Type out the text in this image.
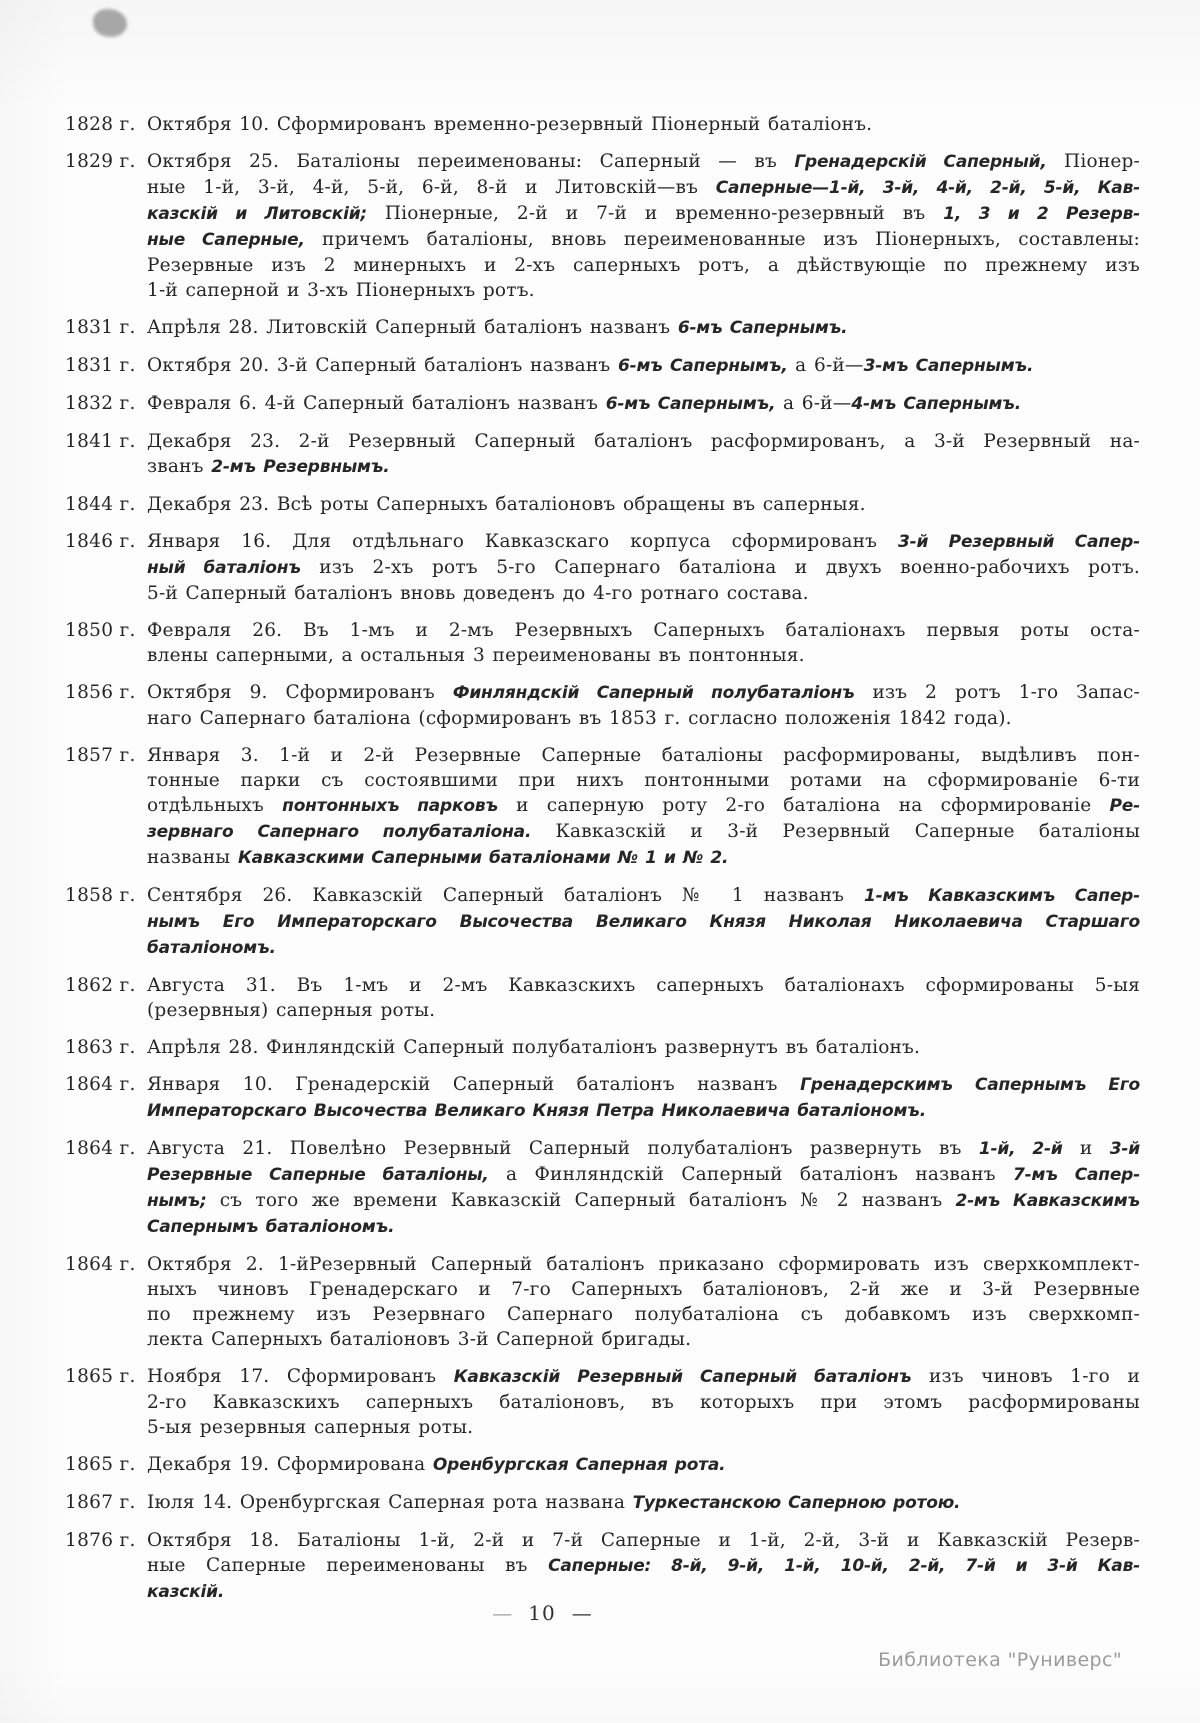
1828 г. Октября 10. Сформированъ временно-резервный Піонерный баталіонъ.
1829 г. Октября 25. Баталіоны переименованы: Саперный — въ Гренадерскій Саперный, Піонер-
ные 1-й, 3-й, 4-й, 5-й, 6-й, 8-й и Литовскій—въ Саперные—1-й, 3-й, 4-й, 2-й, 5-й, Кав-
казскій и Литовскій; Піонерные, 2-й и 7-й и временно-резервный въ 1, 3 и 2 Резерв-
ные Саперные, причемъ баталіоны, вновь переименованные изъ Піонерныхъ, составлены:
Резервные изъ 2 минерныхъ и 2-хъ саперныхъ ротъ, а дѣйствующіе по прежнему изъ
1-й саперной и 3-хъ Піонерныхъ ротъ.
1831 г. Апрѣля 28. Литовскій Саперный баталіонъ названъ 6-мъ Сапернымъ.
1831 г. Октября 20. 3-й Саперный баталіонъ названъ 6-мъ Сапернымъ, а 6-й—3-мъ Сапернымъ.
1832 г. Февраля 6. 4-й Саперный баталіонъ названъ 6-мъ Сапернымъ, а 6-й—4-мъ Сапернымъ.
1841 г. Декабря 23. 2-й Резервный Саперный баталіонъ расформированъ, а 3-й Резервный на-
званъ 2-мъ Резервнымъ.
1844 г. Декабря 23. Всѣ роты Саперныхъ баталіоновъ обращены въ саперныя.
1846 г. Января 16. Для отдѣльнаго Кавказскаго корпуса сформированъ 3-й Резервный Сапер-
ный баталіонъ изъ 2-хъ ротъ 5-го Сапернаго баталіона и двухъ военно-рабочихъ ротъ.
5-й Саперный баталіонъ вновь доведенъ до 4-го ротнаго состава.
1850 г. Февраля 26. Въ 1-мъ и 2-мъ Резервныхъ Саперныхъ баталіонахъ первыя роты оста-
влены саперными, а остальныя 3 переименованы въ понтонныя.
1856 г. Октября 9. Сформированъ Финляндскій Саперный полубаталіонъ изъ 2 ротъ 1-го Запас-
наго Сапернаго баталіона (сформированъ въ 1853 г. согласно положенія 1842 года).
1857 г. Января 3. 1-й и 2-й Резервные Саперные баталіоны расформированы, выдѣливъ пон-
тонные парки съ состоявшими при нихъ понтонными ротами на сформированіе 6-ти
отдѣльныхъ понтонныхъ парковъ и саперную роту 2-го баталіона на сформированіе Ре-
зервнаго Сапернаго полубаталіона. Кавказскій и 3-й Резервный Саперные баталіоны
названы Кавказскими Саперными баталіонами № 1 и № 2.
1858 г. Сентября 26. Кавказскій Саперный баталіонъ № 1 названъ 1-мъ Кавказскимъ Сапер-
нымъ Его Императорскаго Высочества Великаго Князя Николая Николаевича Старшаго
баталіономъ.
1862 г. Августа 31. Въ 1-мъ и 2-мъ Кавказскихъ саперныхъ баталіонахъ сформированы 5-ыя
(резервныя) саперныя роты.
1863 г. Апрѣля 28. Финляндскій Саперный полубаталіонъ развернутъ въ баталіонъ.
1864 г. Января 10. Гренадерскій Саперный баталіонъ названъ Гренадерскимъ Сапернымъ Его
Императорскаго Высочества Великаго Князя Петра Николаевича баталіономъ.
1864 г. Августа 21. Повелѣно Резервный Саперный полубаталіонъ развернуть въ 1-й, 2-й и 3-й
Резервные Саперные баталіоны, а Финляндскій Саперный баталіонъ названъ 7-мъ Сапер-
нымъ; съ того же времени Кавказскій Саперный баталіонъ № 2 названъ 2-мъ Кавказскимъ
Сапернымъ баталіономъ.
1864 г. Октября 2. 1-йРезервный Саперный баталіонъ приказано сформировать изъ сверхкомплект-
ныхъ чиновъ Гренадерскаго и 7-го Саперныхъ баталіоновъ, 2-й же и 3-й Резервные
по прежнему изъ Резервнаго Сапернаго полубаталіона съ добавкомъ изъ сверхкомп-
лекта Саперныхъ баталіоновъ 3-й Саперной бригады.
1865 г. Ноября 17. Сформированъ Кавказскій Резервный Саперный баталіонъ изъ чиновъ 1-го и
2-го Кавказскихъ саперныхъ баталіоновъ, въ которыхъ при этомъ расформированы
5-ыя резервныя саперныя роты.
1865 г. Декабря 19. Сформирована Оренбургская Саперная рота.
1867 г. Іюля 14. Оренбургская Саперная рота названа Туркестанскою Саперною ротою.
1876 г. Октября 18. Баталіоны 1-й, 2-й и 7-й Саперные и 1-й, 2-й, 3-й и Кавказскій Резерв-
ные Саперные переименованы въ Саперные: 8-й, 9-й, 1-й, 10-й, 2-й, 7-й и 3-й Кав-
казскій.
— 10 —
Библиотека "Руниверс"
